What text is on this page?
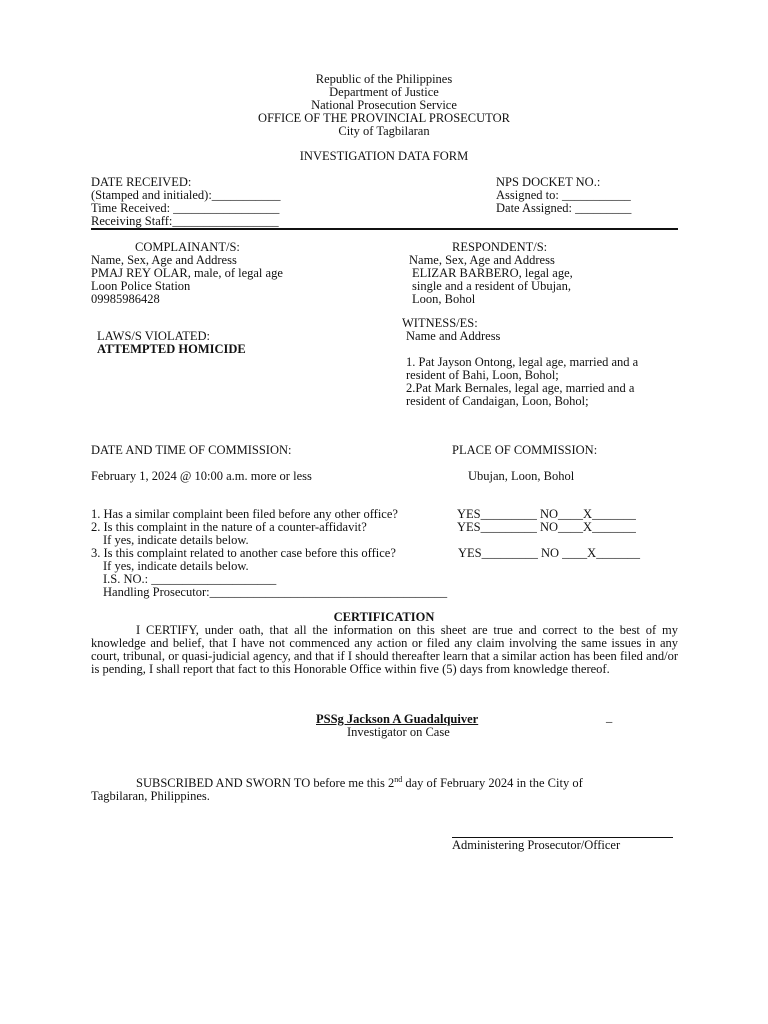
Republic of the Philippines
Department of Justice
National Prosecution Service
OFFICE OF THE PROVINCIAL PROSECUTOR
City of Tagbilaran
INVESTIGATION DATA FORM
DATE RECEIVED:
(Stamped and initialed):___________
Time Received: _________________
Receiving Staff:_________________
NPS DOCKET NO.:
Assigned to: ___________
Date Assigned: _________
COMPLAINANT/S:
Name, Sex, Age and Address
PMAJ REY OLAR, male, of legal age
Loon Police Station
09985986428
RESPONDENT/S:
Name, Sex, Age and Address
ELIZAR BARBERO, legal age,
single and a resident of Ubujan,
Loon, Bohol
LAWS/S VIOLATED:
ATTEMPTED HOMICIDE
WITNESS/ES:
Name and Address
1. Pat Jayson Ontong, legal age, married and a
resident of Bahi, Loon, Bohol;
2.Pat Mark Bernales, legal age, married and a
resident of Candaigan, Loon, Bohol;
DATE AND TIME OF COMMISSION:
February 1, 2024 @ 10:00 a.m. more or less
PLACE OF COMMISSION:
Ubujan, Loon, Bohol
1. Has a similar complaint been filed before any other office?
2. Is this complaint in the nature of a counter-affidavit?
If yes, indicate details below.
3. Is this complaint related to another case before this office?
If yes, indicate details below.
I.S. NO.: ____________________
Handling Prosecutor:______________________________________
YES_________ NO____X_______
YES_________ NO____X_______
YES_________ NO ____X_______
CERTIFICATION
I CERTIFY, under oath, that all the information on this sheet are true and correct to the best of my knowledge and belief, that I have not commenced any action or filed any claim involving the same issues in any court, tribunal, or quasi-judicial agency, and that if I should thereafter learn that a similar action has been filed and/or is pending, I shall report that fact to this Honorable Office within five (5) days from knowledge thereof.
PSSg Jackson A Guadalquiver	_
Investigator on Case
SUBSCRIBED AND SWORN TO before me this 2nd day of February 2024 in the City of
Tagbilaran, Philippines.
Administering Prosecutor/Officer
